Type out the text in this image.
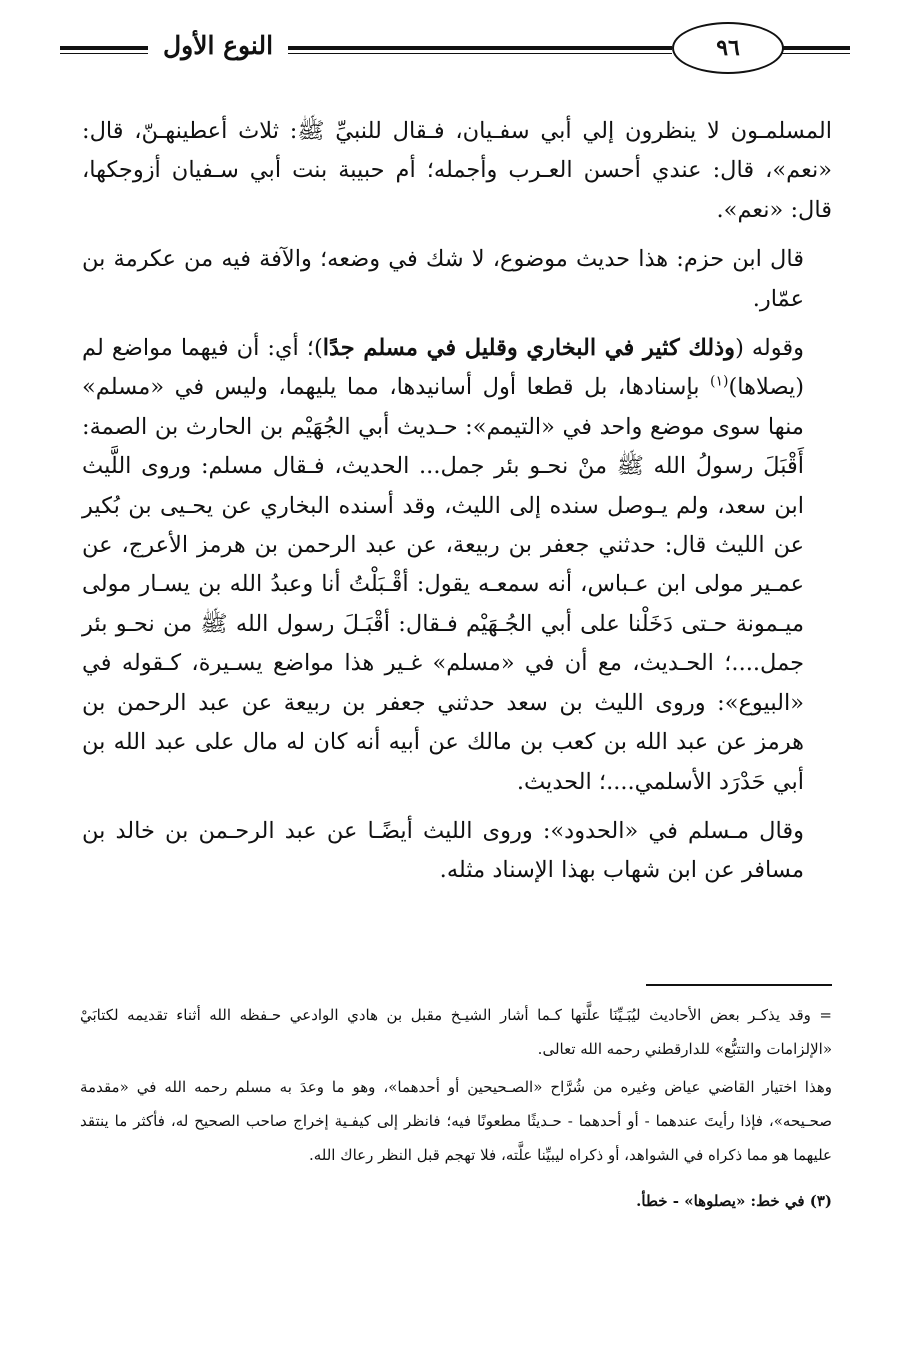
٩٦
النوع الأول

المسلمـون لا ينظرون إلي أبي سفـيان، فـقال للنبيِّ ﷺ: ثلاث أعطينهـنّ، قال: «نعم»، قال: عندي أحسن العـرب وأجمله؛ أم حبيبة بنت أبي سـفيان أزوجكها، قال: «نعم».

قال ابن حزم: هذا حديث موضوع، لا شك في وضعه؛ والآفة فيه من عكرمة بن عمّار.

وقوله (وذلك كثير في البخاري وقليل في مسلم جدًا)؛ أي: أن فيهما مواضع لم (يصلاها)$^{(١)}$ بإسنادها، بل قطعا أول أسانيدها، مما يليهما، وليس في «مسلم» منها سوى موضع واحد في «التيمم»: حـديث أبي الجُهَيْم بن الحارث بن الصمة: أَقْبَلَ رسولُ الله ﷺ منْ نحـو بئر جمل... الحديث، فـقال مسلم: وروى اللَّيث ابن سعد، ولم يـوصل سنده إلى الليث، وقد أسنده البخاري عن يحـيى بن بُكير عن الليث قال: حدثني جعفر بن ربيعة، عن عبد الرحمن بن هرمز الأعرج، عن عمـير مولى ابن عـباس، أنه سمعـه يقول: أقْـبَلْتُ أنا وعبدُ الله بن يسـار مولى ميـمونة حـتى دَخَلْنا على أبي الجُـهَيْم فـقال: أقْبَـلَ رسول الله ﷺ من نحـو بئر جمل....؛ الحـديث، مع أن في «مسلم» غـير هذا مواضع يسـيرة، كـقوله في «البيوع»: وروى الليث بن سعد حدثني جعفر بن ربيعة عن عبد الرحمن بن هرمز عن عبد الله بن كعب بن مالك عن أبيه أنه كان له مال على عبد الله بن أبي حَدْرَد الأسلمي....؛ الحديث.

وقال مـسلم في «الحدود»: وروى الليث أيضًـا عن عبد الرحـمن بن خالد بن مسافر عن ابن شهاب بهذا الإسناد مثله.

= وقد يذكـر بعض الأحاديث ليُبَـيِّنَا علَّتها كـما أشار الشيـخ مقبل بن هادي الوادعي حـفظه الله أثناء تقديمه لكتابَيْ «الإلزامات والتتبُّع» للدارقطني رحمه الله تعالى.

وهذا اختيار القاضي عياض وغيره من شُرَّاح «الصـحيحين أو أحدهما»، وهو ما وعدَ به مسلم رحمه الله في «مقدمة صحـيحه»، فإذا رأيتَ عندهما - أو أحدهما - حـديثًا مطعونًا فيه؛ فانظر إلى كيفـية إخراج صاحب الصحيح له، فأكثر ما ينتقد عليهما هو مما ذكراه في الشواهد، أو ذكراه ليبيِّنا علَّته، فلا تهجم قبل النظر رعاك الله.

(٣) في خط: «يصلوها» - خطأ.
